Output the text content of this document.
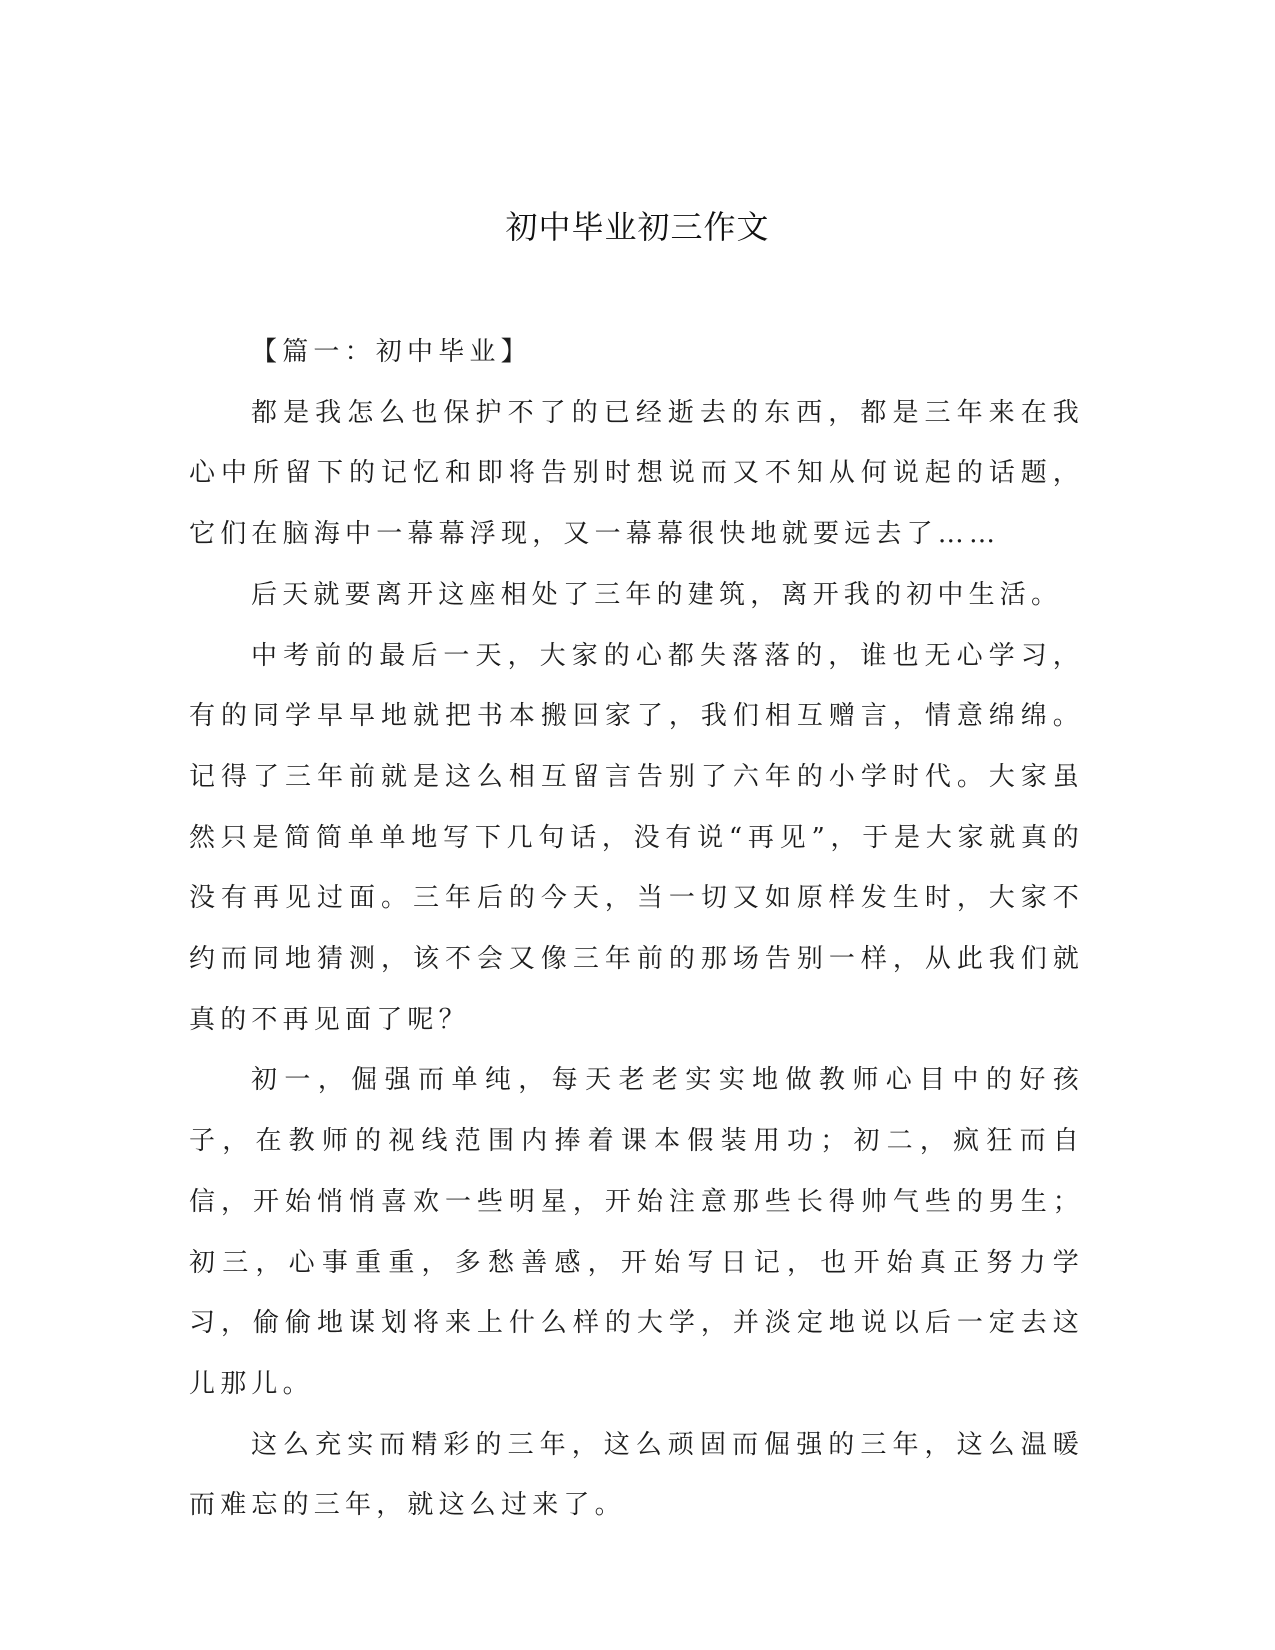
初中毕业初三作文

【篇一：初中毕业】

都是我怎么也保护不了的已经逝去的东西，都是三年来在我心中所留下的记忆和即将告别时想说而又不知从何说起的话题，它们在脑海中一幕幕浮现，又一幕幕很快地就要远去了……

后天就要离开这座相处了三年的建筑，离开我的初中生活。

中考前的最后一天，大家的心都失落落的，谁也无心学习，有的同学早早地就把书本搬回家了，我们相互赠言，情意绵绵。记得了三年前就是这么相互留言告别了六年的小学时代。大家虽然只是简简单单地写下几句话，没有说“再见”，于是大家就真的没有再见过面。三年后的今天，当一切又如原样发生时，大家不约而同地猜测，该不会又像三年前的那场告别一样，从此我们就真的不再见面了呢？

初一，倔强而单纯，每天老老实实地做教师心目中的好孩子，在教师的视线范围内捧着课本假装用功；初二，疯狂而自信，开始悄悄喜欢一些明星，开始注意那些长得帅气些的男生；初三，心事重重，多愁善感，开始写日记，也开始真正努力学习，偷偷地谋划将来上什么样的大学，并淡定地说以后一定去这儿那儿。

这么充实而精彩的三年，这么顽固而倔强的三年，这么温暖而难忘的三年，就这么过来了。
